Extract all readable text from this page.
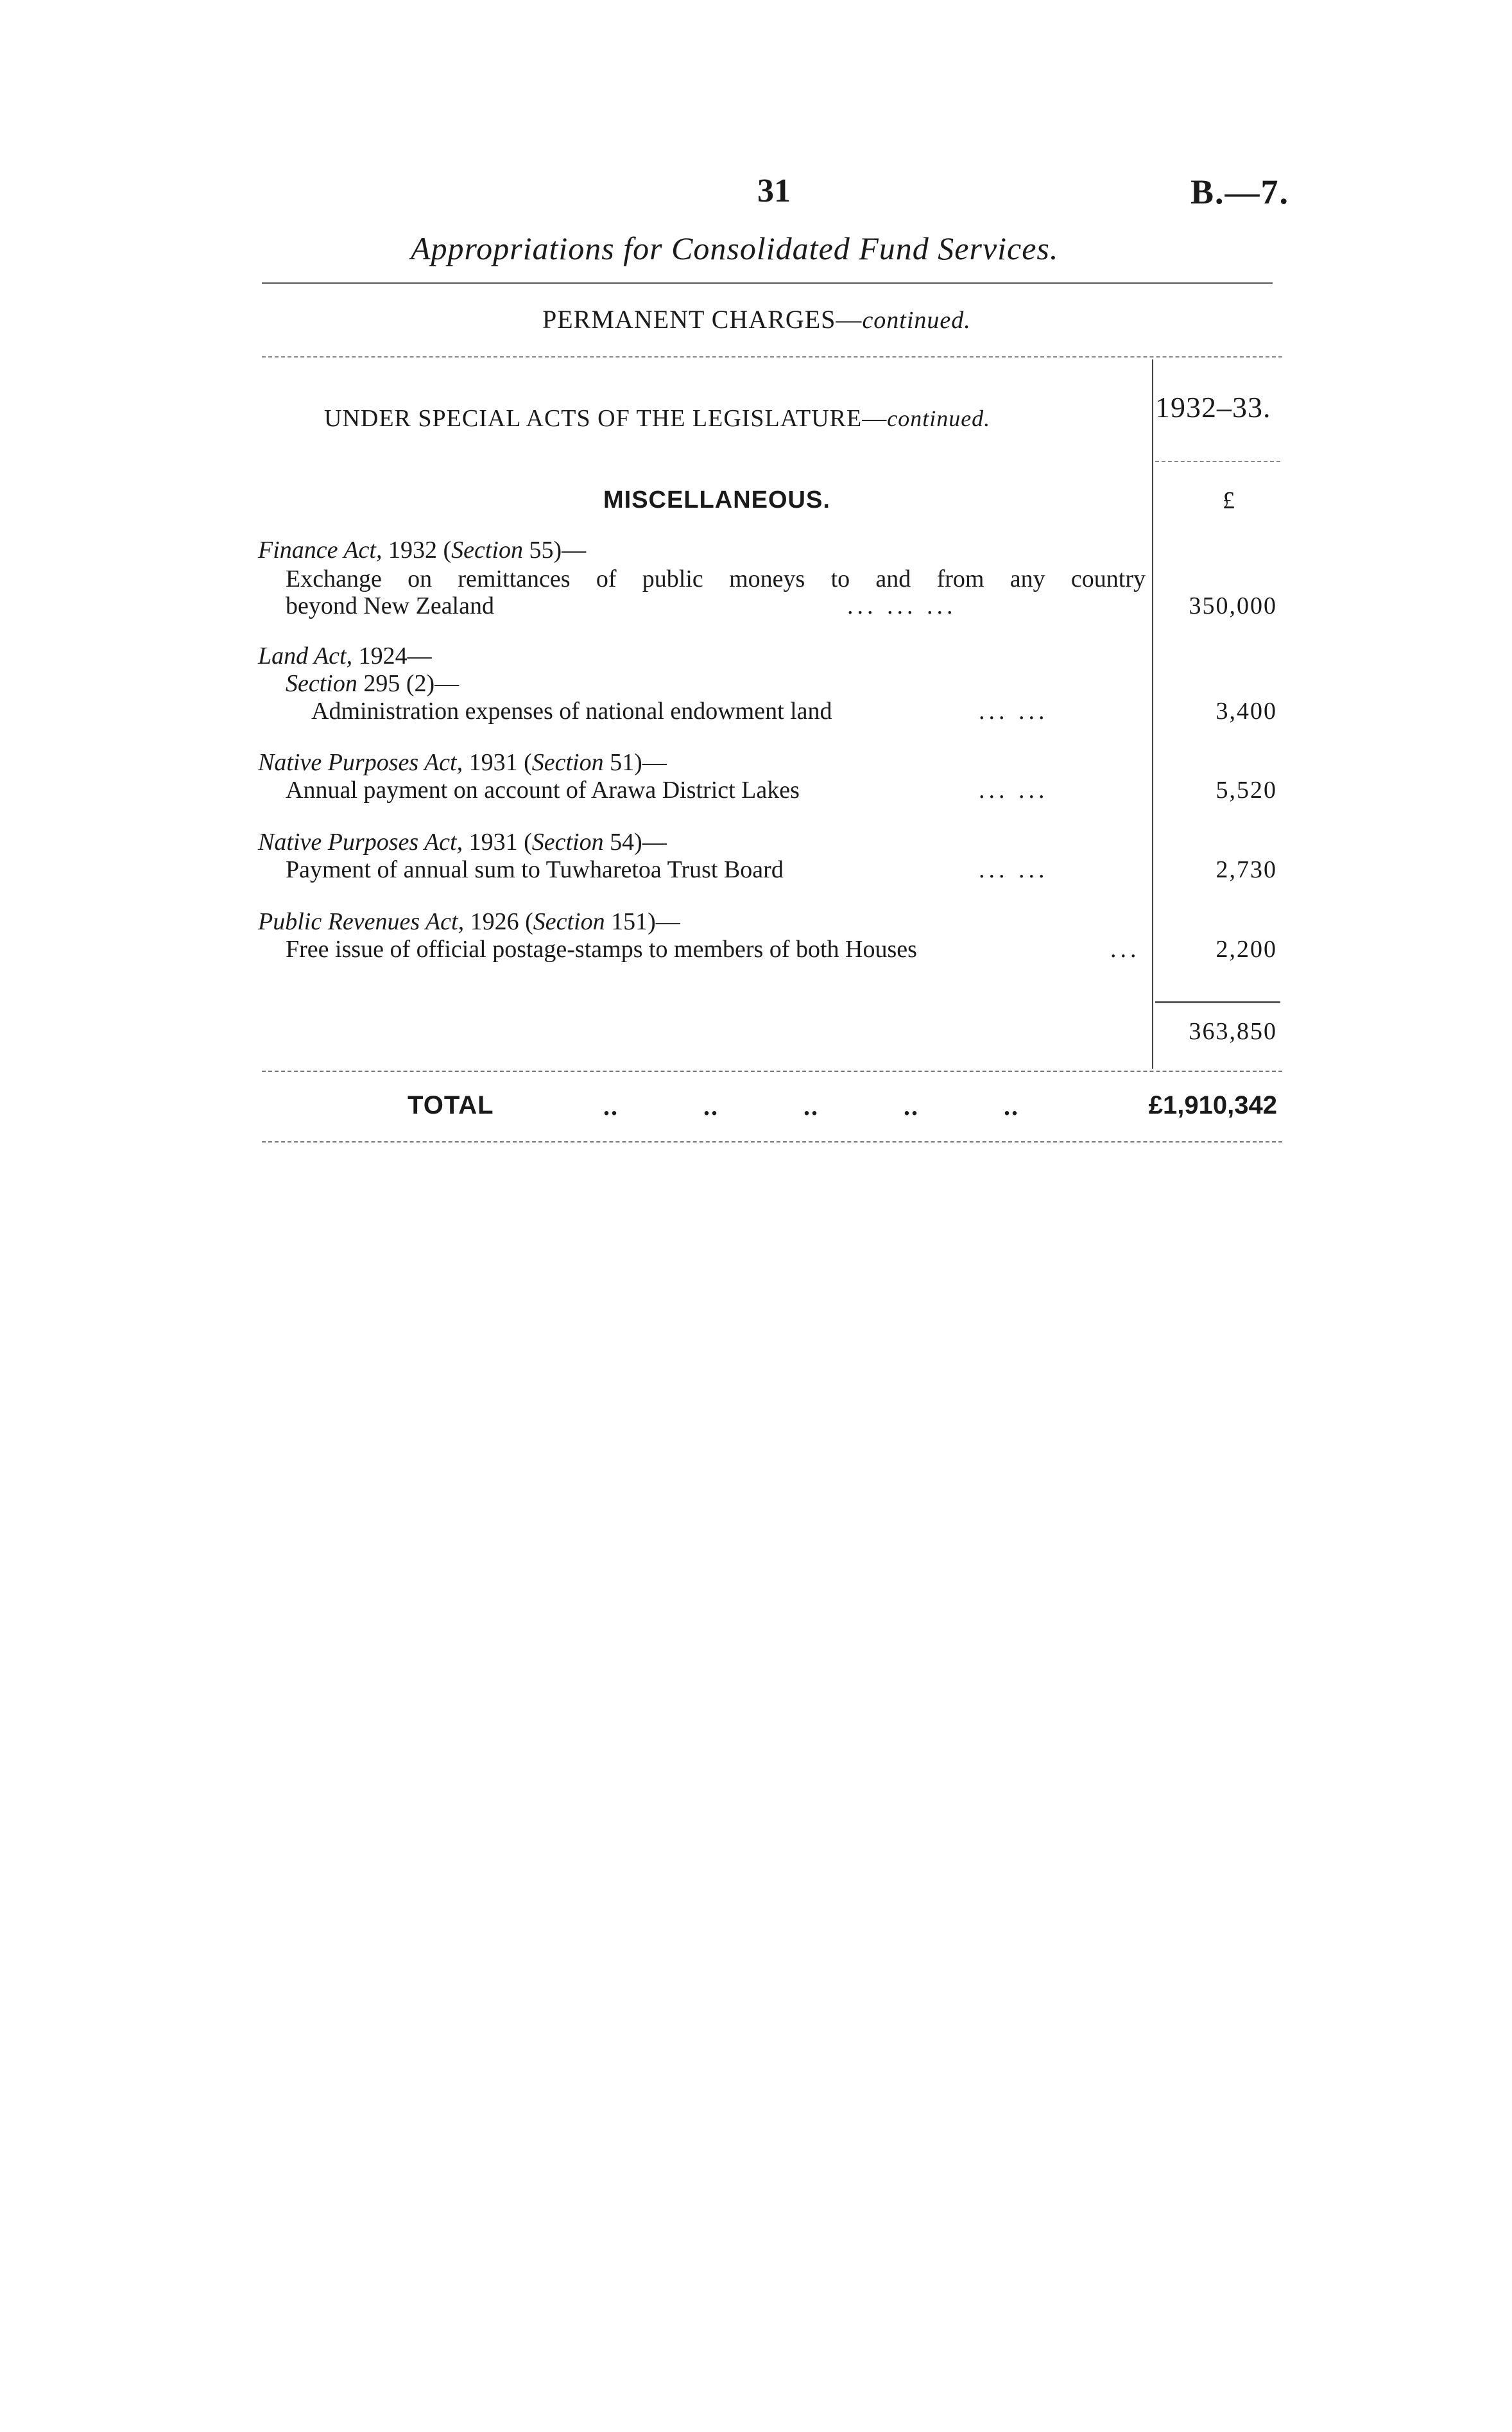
31	B.—7.
Appropriations for Consolidated Fund Services.
PERMANENT CHARGES—continued.
UNDER SPECIAL ACTS OF THE LEGISLATURE—continued.	1932–33.
£
MISCELLANEOUS.
Finance Act, 1932 (Section 55)—
Exchange on remittances of public moneys to and from any country
beyond New Zealand	... ... ...	350,000
Land Act, 1924—
Section 295 (2)—
Administration expenses of national endowment land	... ...	3,400
Native Purposes Act, 1931 (Section 51)—
Annual payment on account of Arawa District Lakes	... ...	5,520
Native Purposes Act, 1931 (Section 54)—
Payment of annual sum to Tuwharetoa Trust Board	... ...	2,730
Public Revenues Act, 1926 (Section 151)—
Free issue of official postage-stamps to members of both Houses	...	2,200
363,850
TOTAL	.. .. .. .. ..	£1,910,342
